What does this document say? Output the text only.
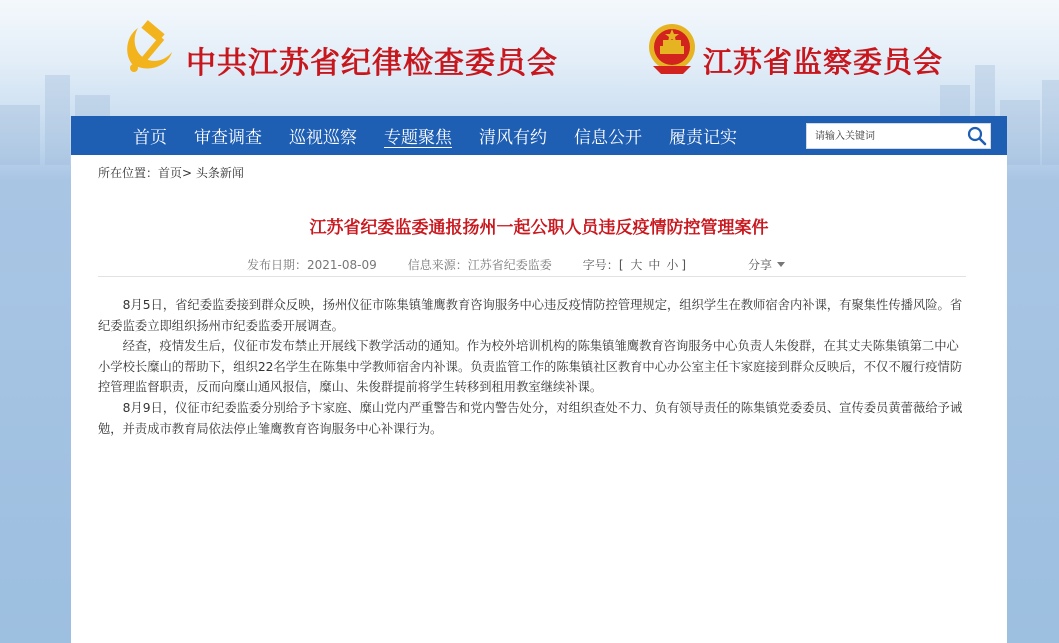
中共江苏省纪律检查委员会	江苏省监察委员会
首页 审查调查 巡视巡察 专题聚焦 清风有约 信息公开 履责记实
请输入关键词
所在位置：首页> 头条新闻
江苏省纪委监委通报扬州一起公职人员违反疫情防控管理案件
发布日期：2021-08-09	信息来源：江苏省纪委监委	字号：[ 大 中 小 ]	分享

8月5日，省纪委监委接到群众反映，扬州仪征市陈集镇雏鹰教育咨询服务中心违反疫情防控管理规定，组织学生在教师宿舍内补课，有聚集性传播风险。省纪委监委立即组织扬州市纪委监委开展调查。

经查，疫情发生后，仪征市发布禁止开展线下教学活动的通知。作为校外培训机构的陈集镇雏鹰教育咨询服务中心负责人朱俊群，在其丈夫陈集镇第二中心小学校长糜山的帮助下，组织22名学生在陈集中学教师宿舍内补课。负责监管工作的陈集镇社区教育中心办公室主任卞家庭接到群众反映后，不仅不履行疫情防控管理监督职责，反而向糜山通风报信，糜山、朱俊群提前将学生转移到租用教室继续补课。

8月9日，仪征市纪委监委分别给予卞家庭、糜山党内严重警告和党内警告处分，对组织查处不力、负有领导责任的陈集镇党委委员、宣传委员黄蕾薇给予诫勉，并责成市教育局依法停止雏鹰教育咨询服务中心补课行为。
